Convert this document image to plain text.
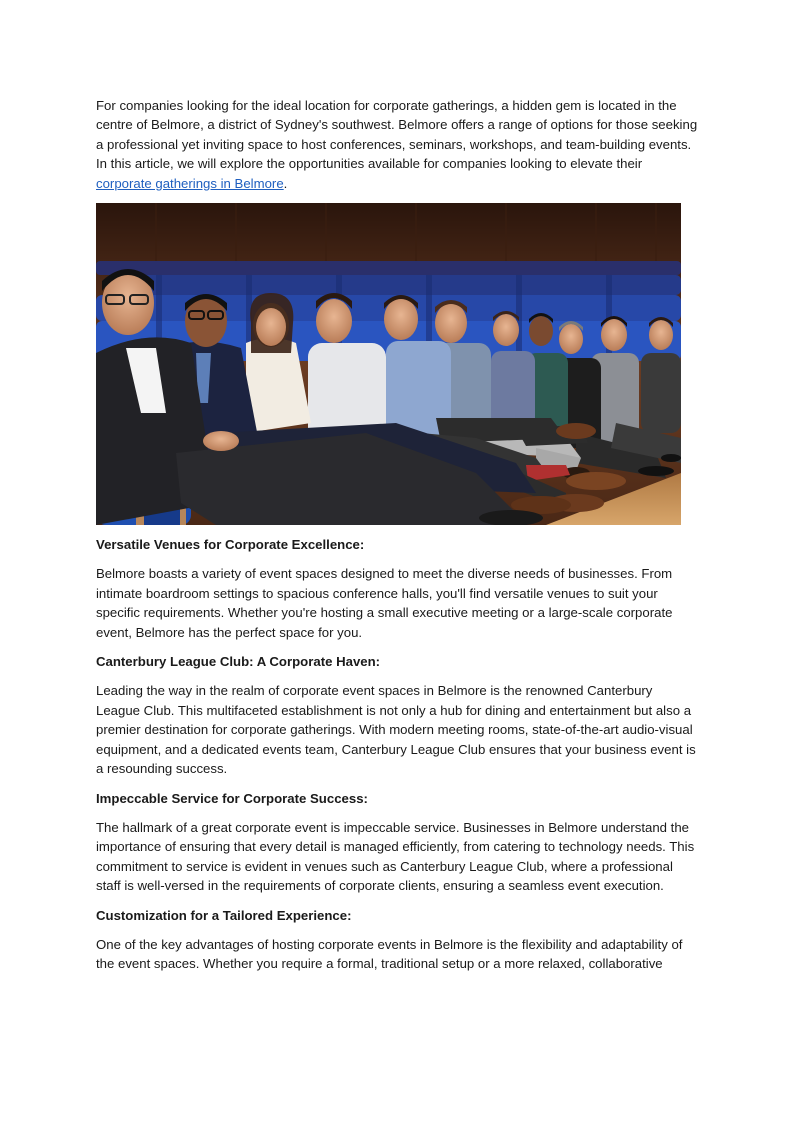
For companies looking for the ideal location for corporate gatherings, a hidden gem is located in the centre of Belmore, a district of Sydney's southwest. Belmore offers a range of options for those seeking a professional yet inviting space to host conferences, seminars, workshops, and team-building events. In this article, we will explore the opportunities available for companies looking to elevate their corporate gatherings in Belmore.

Versatile Venues for Corporate Excellence:

Belmore boasts a variety of event spaces designed to meet the diverse needs of businesses. From intimate boardroom settings to spacious conference halls, you'll find versatile venues to suit your specific requirements. Whether you're hosting a small executive meeting or a large-scale corporate event, Belmore has the perfect space for you.

Canterbury League Club: A Corporate Haven:

Leading the way in the realm of corporate event spaces in Belmore is the renowned Canterbury League Club. This multifaceted establishment is not only a hub for dining and entertainment but also a premier destination for corporate gatherings. With modern meeting rooms, state-of-the-art audio-visual equipment, and a dedicated events team, Canterbury League Club ensures that your business event is a resounding success.

Impeccable Service for Corporate Success:

The hallmark of a great corporate event is impeccable service. Businesses in Belmore understand the importance of ensuring that every detail is managed efficiently, from catering to technology needs. This commitment to service is evident in venues such as Canterbury League Club, where a professional staff is well-versed in the requirements of corporate clients, ensuring a seamless event execution.

Customization for a Tailored Experience:

One of the key advantages of hosting corporate events in Belmore is the flexibility and adaptability of the event spaces. Whether you require a formal, traditional setup or a more relaxed, collaborative
